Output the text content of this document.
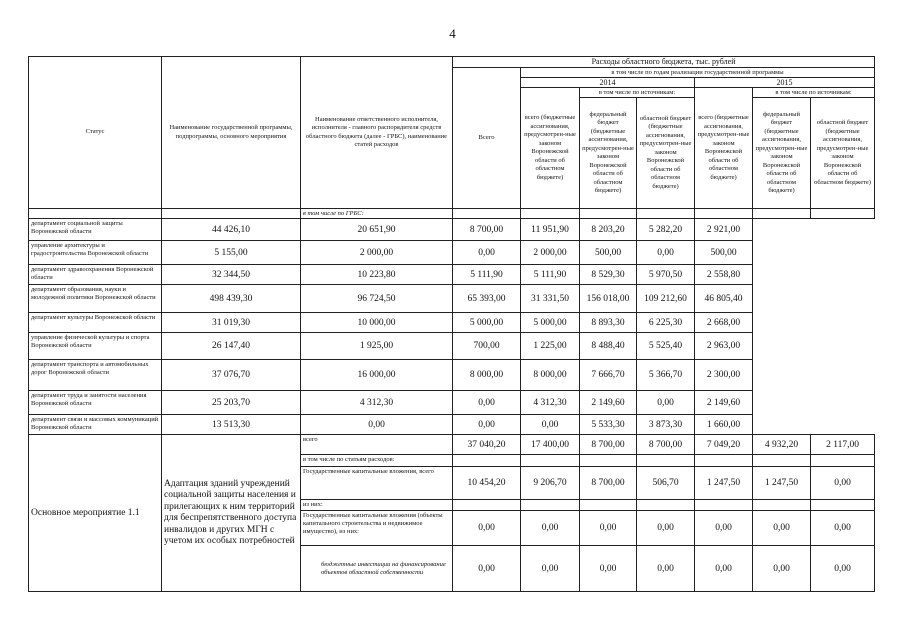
4
Статус	Наименование государственной программы, подпрограммы, основного мероприятия	Наименование ответственного исполнителя, исполнителя - главного распорядителя средств областного бюджета (далее - ГРБС), наименование статей расходов	Расходы областного бюджета, тыс. рублей						
			Всего	в том числе по годам реализации государственной программы					
				2014			2015		
				всего (бюджетные ассигнования, предусмотрен-ные законом Воронежской области об областном бюджете)	в том числе по источникам:		всего (бюджетные ассигнования, предусмотрен-ные законом Воронежской области об областном бюджете)	в том числе по источникам:	
					федеральный бюджет (бюджетные ассигнования, предусмотрен-ные законом Воронежской области об областном бюджете)	областной бюджет (бюджетные ассигнования, предусмотрен-ные законом Воронежской области об областном бюджете)		федеральный бюджет (бюджетные ассигнования, предусмотрен-ные законом Воронежской области об областном бюджете)	областной бюджет (бюджетные ассигнования, предусмотрен-ные законом Воронежской области об областном бюджете)
		в том числе по ГРБС:							
департамент социальной защиты Воронежской области	44 426,10	20 651,90	8 700,00	11 951,90	8 203,20	5 282,20	2 921,00		
управление архитектуры и градостроительства Воронежской области	5 155,00	2 000,00	0,00	2 000,00	500,00	0,00	500,00		
департамент здравоохранения Воронежской области	32 344,50	10 223,80	5 111,90	5 111,90	8 529,30	5 970,50	2 558,80		
департамент образования, науки и молодежной политики Воронежской области	498 439,30	96 724,50	65 393,00	31 331,50	156 018,00	109 212,60	46 805,40		
департамент культуры Воронежской области	31 019,30	10 000,00	5 000,00	5 000,00	8 893,30	6 225,30	2 668,00		
управление физической культуры и спорта Воронежской области	26 147,40	1 925,00	700,00	1 225,00	8 488,40	5 525,40	2 963,00		
департамент транспорта и автомобильных дорог Воронежской области	37 076,70	16 000,00	8 000,00	8 000,00	7 666,70	5 366,70	2 300,00		
департамент труда и занятости населения Воронежской области	25 203,70	4 312,30	0,00	4 312,30	2 149,60	0,00	2 149,60		
департамент связи и массовых коммуникаций Воронежской области	13 513,30	0,00	0,00	0,00	5 533,30	3 873,30	1 660,00		
Основное мероприятие 1.1	Адаптация зданий учреждений социальной защиты населения и прилегающих к ним территорий для беспрепятственного доступа инвалидов и других МГН с учетом их особых потребностей	всего	37 040,20	17 400,00	8 700,00	8 700,00	7 049,20	4 932,20	2 117,00
		в том числе по статьям расходов:							
		Государственные капитальные вложения, всего	10 454,20	9 206,70	8 700,00	506,70	1 247,50	1 247,50	0,00
		из них:							
		Государственные капитальные вложения (объекты капитального строительства и недвижимое имущество), из них:	0,00	0,00	0,00	0,00	0,00	0,00	0,00
		бюджетные инвестиции на финансирование объектов областной собственности	0,00	0,00	0,00	0,00	0,00	0,00	0,00
